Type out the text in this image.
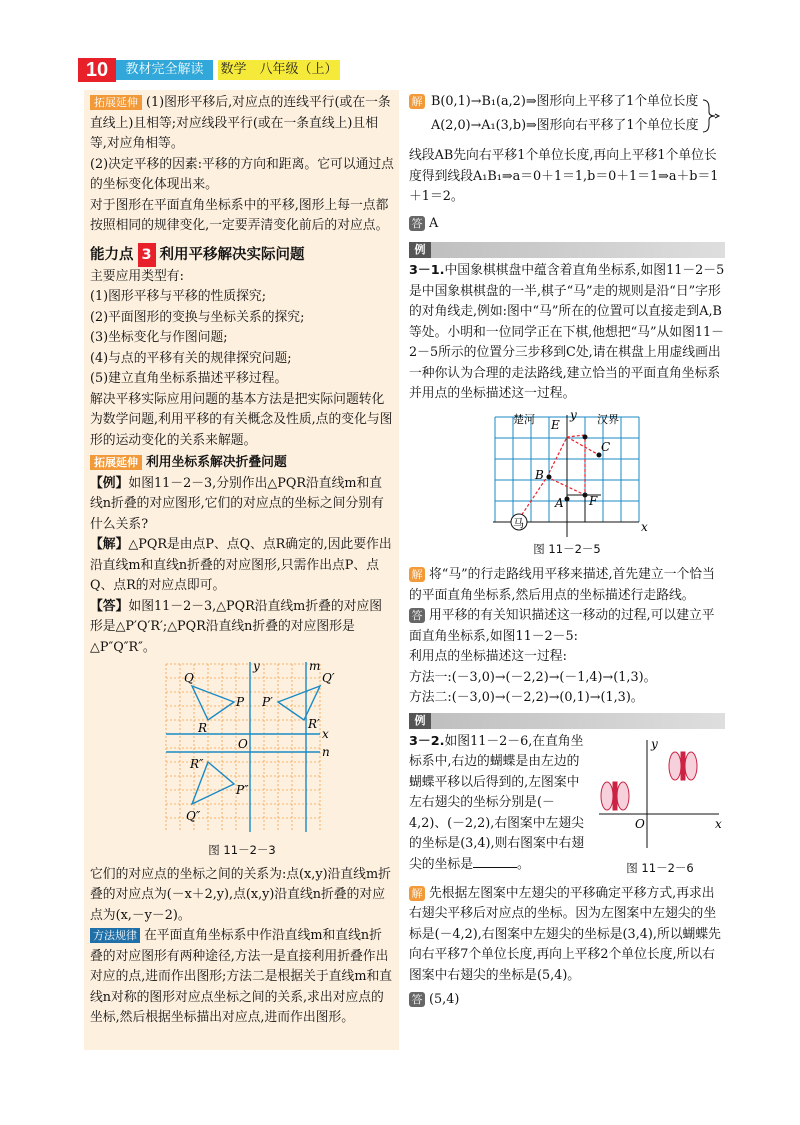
10	教材完全解读	数学　八年级（上）

拓展延伸 (1)图形平移后,对应点的连线平行(或在一条直线上)且相等;对应线段平行(或在一条直线上)且相等,对应角相等。

(2)决定平移的因素:平移的方向和距离。它可以通过点的坐标变化体现出来。

对于图形在平面直角坐标系中的平移,图形上每一点都按照相同的规律变化,一定要弄清变化前后的对应点。

能力点 3 利用平移解决实际问题

主要应用类型有:

(1)图形平移与平移的性质探究;

(2)平面图形的变换与坐标关系的探究;

(3)坐标变化与作图问题;

(4)与点的平移有关的规律探究问题;

(5)建立直角坐标系描述平移过程。

解决平移实际应用问题的基本方法是把实际问题转化为数学问题,利用平移的有关概念及性质,点的变化与图形的运动变化的关系来解题。

拓展延伸 利用坐标系解决折叠问题

【例】如图11－2－3,分别作出△PQR沿直线m和直线n折叠的对应图形,它们的对应点的坐标之间分别有什么关系?

【解】△PQR是由点P、点Q、点R确定的,因此要作出沿直线m和直线n折叠的对应图形,只需作出点P、点Q、点R的对应点即可。

【答】如图11－2－3,△PQR沿直线m折叠的对应图形是△P′Q′R′;△PQR沿直线n折叠的对应图形是△P″Q″R″。

Q
P
R
Q′
P′
R′
R″
P″
Q″
O
x
y	m
n

图 11－2－3

它们的对应点的坐标之间的关系为:点(x,y)沿直线m折叠的对应点为(－x＋2,y),点(x,y)沿直线n折叠的对应点为(x,－y－2)。

方法规律 在平面直角坐标系中作沿直线m和直线n折叠的对应图形有两种途径,方法一是直接利用折叠作出对应的点,进而作出图形;方法二是根据关于直线m和直线n对称的图形对应点坐标之间的关系,求出对应点的坐标,然后根据坐标描出对应点,进而作出图形。

解 B(0,1)→B₁(a,2)⇒图形向上平移了1个单位长度

A(2,0)→A₁(3,b)⇒图形向右平移了1个单位长度

线段AB先向右平移1个单位长度,再向上平移1个单位长度得到线段A₁B₁⇒a＝0＋1＝1,b＝0＋1＝1⇒a＋b＝1＋1＝2。

答 A

例

3－1.中国象棋棋盘中蕴含着直角坐标系,如图11－2－5是中国象棋棋盘的一半,棋子“马”走的规则是沿“日”字形的对角线走,例如:图中“马”所在的位置可以直接走到A,B等处。小明和一位同学正在下棋,他想把“马”从如图11－2－5所示的位置分三步移到C处,请在棋盘上用虚线画出一种你认为合理的走法路线,建立恰当的平面直角坐标系并用点的坐标描述这一过程。

马
楚河	汉界
E
C
B
A F
x
y

图 11－2－5

解 将“马”的行走路线用平移来描述,首先建立一个恰当的平面直角坐标系,然后用点的坐标描述行走路线。

答 用平移的有关知识描述这一移动的过程,可以建立平面直角坐标系,如图11－2－5:

利用点的坐标描述这一过程:

方法一:(－3,0)→(－2,2)→(－1,4)→(1,3)。

方法二:(－3,0)→(－2,2)→(0,1)→(1,3)。

例

3－2.如图11－2－6,在直角坐标系中,右边的蝴蝶是由左边的蝴蝶平移以后得到的,左图案中左右翅尖的坐标分别是(－4,2)、(－2,2),右图案中左翅尖的坐标是(3,4),则右图案中右翅尖的坐标是	。

O	x
y

图 11－2－6

解 先根据左图案中左翅尖的平移确定平移方式,再求出右翅尖平移后对应点的坐标。因为左图案中左翅尖的坐标是(－4,2),右图案中左翅尖的坐标是(3,4),所以蝴蝶先向右平移7个单位长度,再向上平移2个单位长度,所以右图案中右翅尖的坐标是(5,4)。

答 (5,4)
